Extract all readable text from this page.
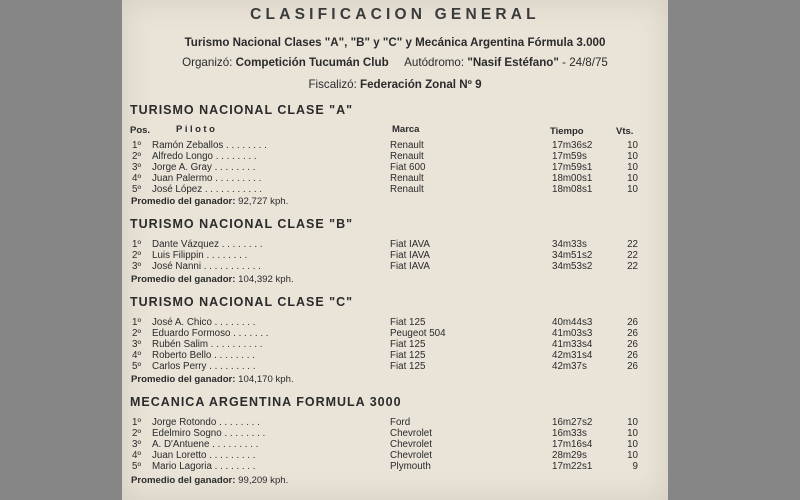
CLASIFICACION GENERAL
Turismo Nacional Clases "A", "B" y "C" y Mecánica Argentina Fórmula 3.000
Organizó: Competición Tucumán Club Autódromo: "Nasif Estéfano" - 24/8/75
Fiscalizó: Federación Zonal Nº 9
Pos.	Piloto	Marca	Tiempo	Vts.
TURISMO NACIONAL CLASE "A"
1º Ramón Zeballos . . . . . . . .	Renault	17m36s2	10
2º Alfredo Longo . . . . . . . .	Renault	17m59s	10
3º Jorge A. Gray . . . . . . . .	Fiat 600	17m59s1	10
4º Juan Palermo . . . . . . . . .	Renault	18m00s1	10
5º José López . . . . . . . . . . .	Renault	18m08s1	10
Promedio del ganador: 92,727 kph.
TURISMO NACIONAL CLASE "B"
1º Dante Vázquez . . . . . . . .	Fiat IAVA	34m33s	22
2º Luis Filippin . . . . . . . .	Fiat IAVA	34m51s2	22
3º José Nanni . . . . . . . . . . .	Fiat IAVA	34m53s2	22
Promedio del ganador: 104,392 kph.
TURISMO NACIONAL CLASE "C"
1º José A. Chico . . . . . . . .	Fiat 125	40m44s3	26
2º Eduardo Formoso . . . . . . .	Peugeot 504	41m03s3	26
3º Rubén Salim . . . . . . . . . .	Fiat 125	41m33s4	26
4º Roberto Bello . . . . . . . .	Fiat 125	42m31s4	26
5º Carlos Perry . . . . . . . . .	Fiat 125	42m37s	26
Promedio del ganador: 104,170 kph.
MECANICA ARGENTINA FORMULA 3000
1º Jorge Rotondo . . . . . . . .	Ford	16m27s2	10
2º Edelmiro Sogno . . . . . . . .	Chevrolet	16m33s	10
3º A. D'Antuene . . . . . . . . .	Chevrolet	17m16s4	10
4º Juan Loretto . . . . . . . . .	Chevrolet	28m29s	10
5º Mario Lagoria . . . . . . . .	Plymouth	17m22s1	9
Promedio del ganador: 99,209 kph.
